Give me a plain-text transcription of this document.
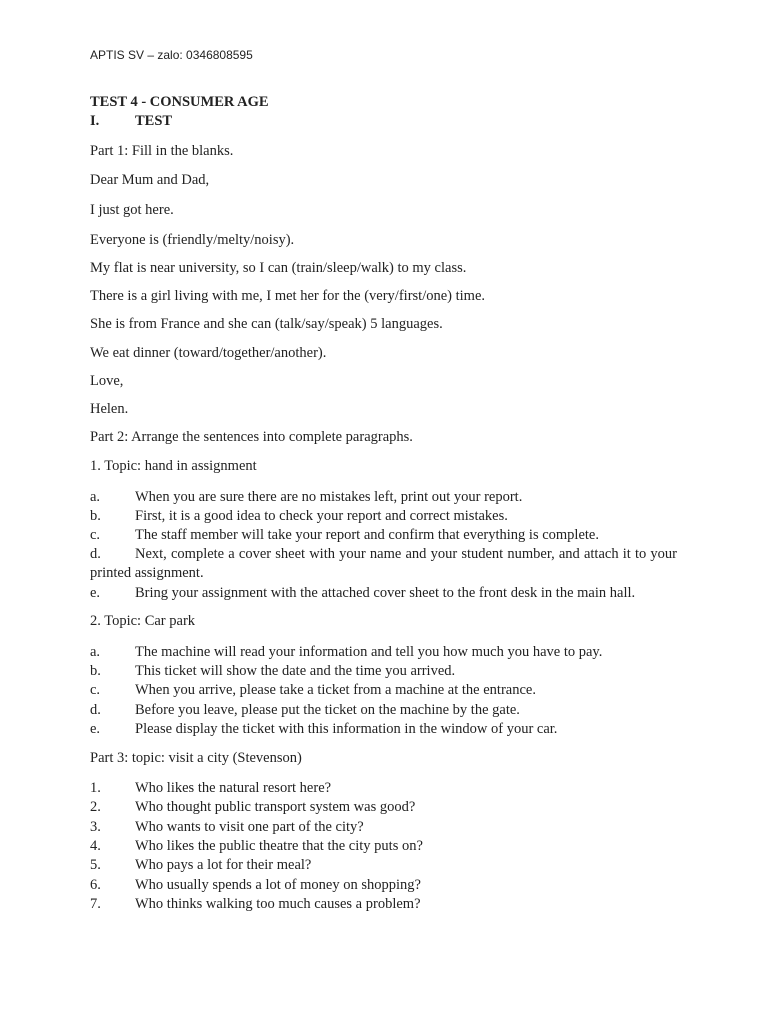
APTIS SV – zalo: 0346808595
TEST 4 - CONSUMER AGE
I. TEST
Part 1: Fill in the blanks.
Dear Mum and Dad,
I just got here.
Everyone is (friendly/melty/noisy).
My flat is near university, so I can (train/sleep/walk) to my class.
There is a girl living with me, I met her for the (very/first/one) time.
She is from France and she can (talk/say/speak) 5 languages.
We eat dinner (toward/together/another).
Love,
Helen.
Part 2: Arrange the sentences into complete paragraphs.
1. Topic: hand in assignment
a. When you are sure there are no mistakes left, print out your report.
b. First, it is a good idea to check your report and correct mistakes.
c. The staff member will take your report and confirm that everything is complete.
d. Next, complete a cover sheet with your name and your student number, and attach it to your printed assignment.
e. Bring your assignment with the attached cover sheet to the front desk in the main hall.
2. Topic: Car park
a. The machine will read your information and tell you how much you have to pay.
b. This ticket will show the date and the time you arrived.
c. When you arrive, please take a ticket from a machine at the entrance.
d. Before you leave, please put the ticket on the machine by the gate.
e. Please display the ticket with this information in the window of your car.
Part 3: topic: visit a city (Stevenson)
1. Who likes the natural resort here?
2. Who thought public transport system was good?
3. Who wants to visit one part of the city?
4. Who likes the public theatre that the city puts on?
5. Who pays a lot for their meal?
6. Who usually spends a lot of money on shopping?
7. Who thinks walking too much causes a problem?
